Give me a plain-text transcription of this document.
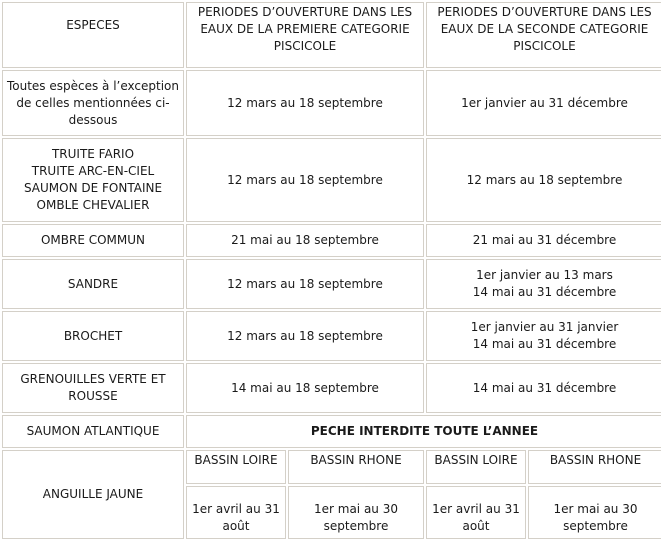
ESPECES	PERIODES D’OUVERTURE DANS LES EAUX DE LA PREMIERE CATEGORIE PISCICOLE		PERIODES D’OUVERTURE DANS LES EAUX DE LA SECONDE CATEGORIE PISCICOLE	
Toutes espèces à l’exception de celles mentionnées ci-dessous	12 mars au 18 septembre		1er janvier au 31 décembre	

TRUITE FARIO
TRUITE ARC-EN-CIEL
SAUMON DE FONTAINE
OMBLE CHEVALIER	12 mars au 18 septembre		12 mars au 18 septembre	
OMBRE COMMUN	21 mai au 18 septembre		21 mai au 31 décembre	
SANDRE	12 mars au 18 septembre		1er janvier au 13 mars
14 mai au 31 décembre	

BROCHET	12 mars au 18 septembre		1er janvier au 31 janvier
14 mai au 31 décembre	

GRENOUILLES VERTE ET ROUSSE	14 mai au 18 septembre		14 mai au 31 décembre	
SAUMON ATLANTIQUE	PECHE INTERDITE TOUTE L’ANNEE			
ANGUILLE JAUNE	BASSIN LOIRE	BASSIN RHONE	BASSIN LOIRE	BASSIN RHONE
	1er avril au 31 août	1er mai au 30 septembre	1er avril au 31 août	1er mai au 30 septembre
